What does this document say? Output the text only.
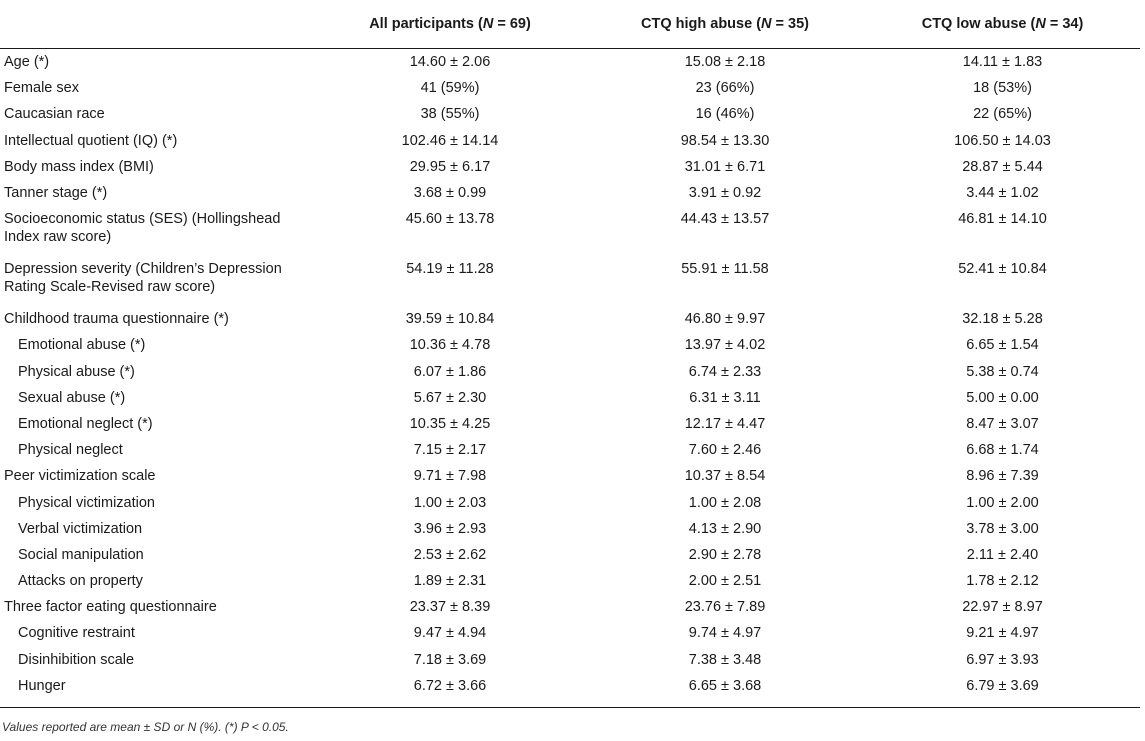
	All participants (N = 69)	CTQ high abuse (N = 35)	CTQ low abuse (N = 34)
Age (*)	14.60 ± 2.06	15.08 ± 2.18	14.11 ± 1.83
Female sex	41 (59%)	23 (66%)	18 (53%)
Caucasian race	38 (55%)	16 (46%)	22 (65%)
Intellectual quotient (IQ) (*)	102.46 ± 14.14	98.54 ± 13.30	106.50 ± 14.03
Body mass index (BMI)	29.95 ± 6.17	31.01 ± 6.71	28.87 ± 5.44
Tanner stage (*)	3.68 ± 0.99	3.91 ± 0.92	3.44 ± 1.02
Socioeconomic status (SES) (Hollingshead Index raw score)	45.60 ± 13.78	44.43 ± 13.57	46.81 ± 14.10
Depression severity (Children’s Depression Rating Scale-Revised raw score)	54.19 ± 11.28	55.91 ± 11.58	52.41 ± 10.84
Childhood trauma questionnaire (*)	39.59 ± 10.84	46.80 ± 9.97	32.18 ± 5.28
Emotional abuse (*)	10.36 ± 4.78	13.97 ± 4.02	6.65 ± 1.54
Physical abuse (*)	6.07 ± 1.86	6.74 ± 2.33	5.38 ± 0.74
Sexual abuse (*)	5.67 ± 2.30	6.31 ± 3.11	5.00 ± 0.00
Emotional neglect (*)	10.35 ± 4.25	12.17 ± 4.47	8.47 ± 3.07
Physical neglect	7.15 ± 2.17	7.60 ± 2.46	6.68 ± 1.74
Peer victimization scale	9.71 ± 7.98	10.37 ± 8.54	8.96 ± 7.39
Physical victimization	1.00 ± 2.03	1.00 ± 2.08	1.00 ± 2.00
Verbal victimization	3.96 ± 2.93	4.13 ± 2.90	3.78 ± 3.00
Social manipulation	2.53 ± 2.62	2.90 ± 2.78	2.11 ± 2.40
Attacks on property	1.89 ± 2.31	2.00 ± 2.51	1.78 ± 2.12
Three factor eating questionnaire	23.37 ± 8.39	23.76 ± 7.89	22.97 ± 8.97
Cognitive restraint	9.47 ± 4.94	9.74 ± 4.97	9.21 ± 4.97
Disinhibition scale	7.18 ± 3.69	7.38 ± 3.48	6.97 ± 3.93
Hunger	6.72 ± 3.66	6.65 ± 3.68	6.79 ± 3.69

Values reported are mean ± SD or N (%). (*) P < 0.05.
